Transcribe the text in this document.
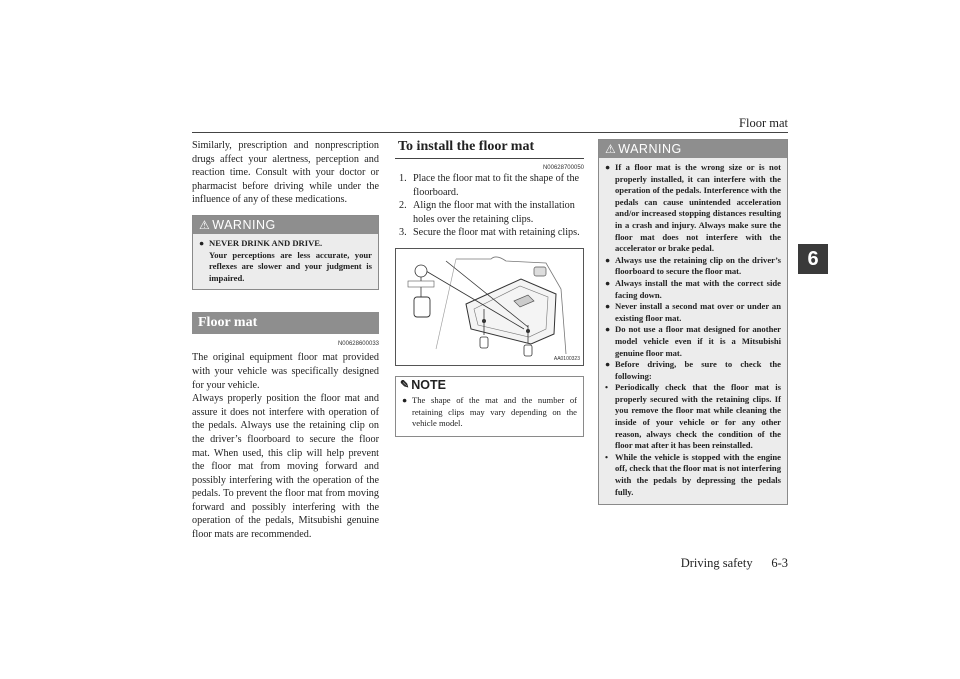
Floor mat
6

Similarly, prescription and nonprescription drugs affect your alertness, perception and reaction time. Consult with your doctor or pharmacist before driving while under the influence of any of these medications.

⚠ WARNING
● NEVER DRINK AND DRIVE.
Your perceptions are less accurate, your reflexes are slower and your judgment is impaired.
Floor mat
N00628600033

The original equipment floor mat provided with your vehicle was specifically designed for your vehicle.
Always properly position the floor mat and assure it does not interfere with operation of the pedals. Always use the retaining clip on the driver’s floorboard to secure the floor mat. When used, this clip will help prevent the floor mat from moving forward and possibly interfering with the operation of the pedals. To prevent the floor mat from moving forward and possibly interfering with the operation of the pedals, Mitsubishi genuine floor mats are recommended.

To install the floor mat
N00628700050
1. Place the floor mat to fit the shape of the floorboard.
2. Align the floor mat with the installation holes over the retaining clips.
3. Secure the floor mat with retaining clips.
AA0100323
✎ NOTE
● The shape of the mat and the number of retaining clips may vary depending on the vehicle model.
⚠ WARNING
● If a floor mat is the wrong size or is not properly installed, it can interfere with the operation of the pedals. Interference with the pedals can cause unintended acceleration and/or increased stopping distances resulting in a crash and injury. Always make sure the floor mat does not interfere with the accelerator or brake pedal.
● Always use the retaining clip on the driver’s floorboard to secure the floor mat.
● Always install the mat with the correct side facing down.
● Never install a second mat over or under an existing floor mat.
● Do not use a floor mat designed for another model vehicle even if it is a Mitsubishi genuine floor mat.
● Before driving, be sure to check the following:
• Periodically check that the floor mat is properly secured with the retaining clips. If you remove the floor mat while cleaning the inside of your vehicle or for any other reason, always check the condition of the floor mat after it has been reinstalled.
• While the vehicle is stopped with the engine off, check that the floor mat is not interfering with the pedals by depressing the pedals fully.
Driving safety 6-3
